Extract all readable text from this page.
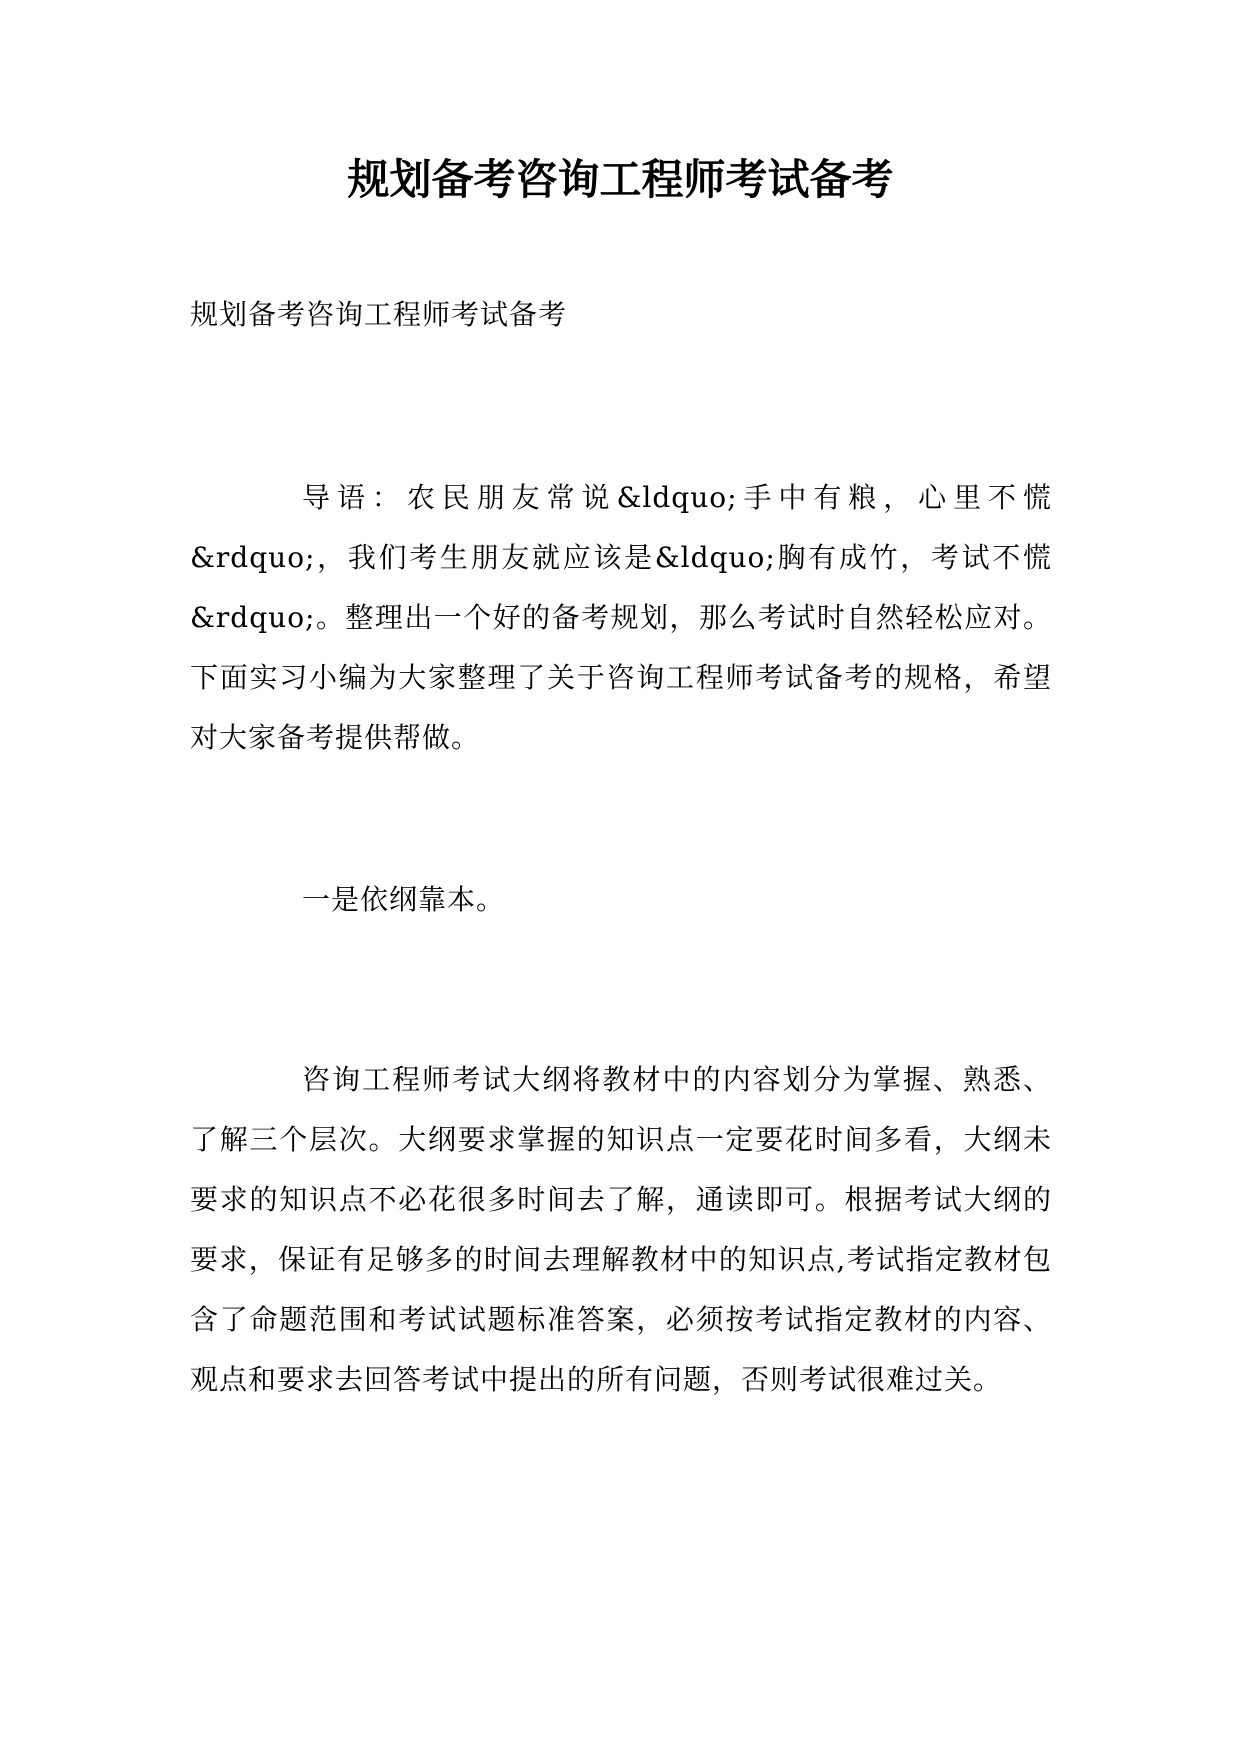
规划备考咨询工程师考试备考

规划备考咨询工程师考试备考

导语：农民朋友常说&ldquo;手中有粮，心里不慌&rdquo;，我们考生朋友就应该是&ldquo;胸有成竹，考试不慌&rdquo;。整理出一个好的备考规划，那么考试时自然轻松应对。下面实习小编为大家整理了关于咨询工程师考试备考的规格，希望对大家备考提供帮做。

一是依纲靠本。

咨询工程师考试大纲将教材中的内容划分为掌握、熟悉、了解三个层次。大纲要求掌握的知识点一定要花时间多看，大纲未要求的知识点不必花很多时间去了解，通读即可。根据考试大纲的要求，保证有足够多的时间去理解教材中的知识点,考试指定教材包含了命题范围和考试试题标准答案，必须按考试指定教材的内容、观点和要求去回答考试中提出的所有问题，否则考试很难过关。
